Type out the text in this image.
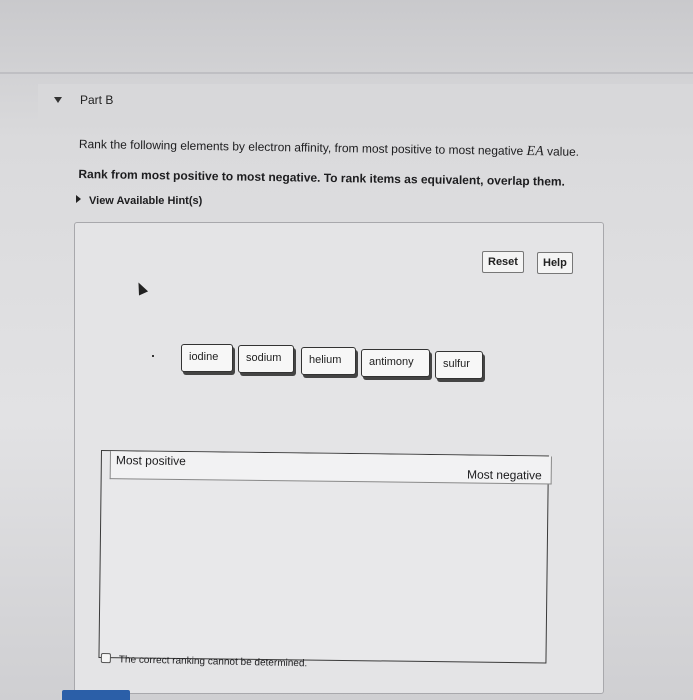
Part B
Rank the following elements by electron affinity, from most positive to most negative EA value.
Rank from most positive to most negative. To rank items as equivalent, overlap them.
View Available Hint(s)
Reset	Help
iodine	sodium	helium	antimony	sulfur
Most positive
Most negative
The correct ranking cannot be determined.
